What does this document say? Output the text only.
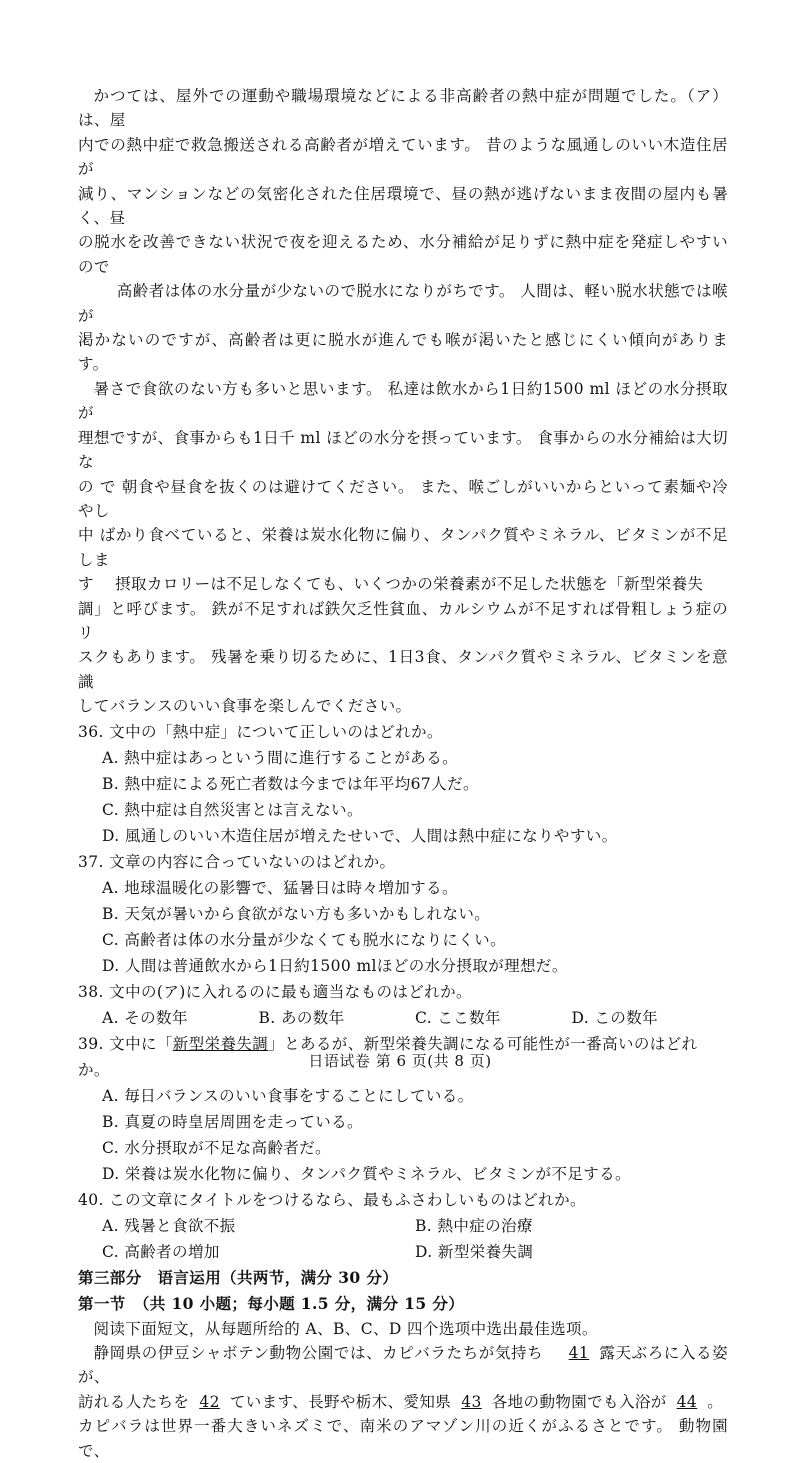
かつては、屋外での運動や職場環境などによる非高齢者の熱中症が問題でした。（ア）は、屋

内での熱中症で救急搬送される高齢者が増えています。 昔のような風通しのいい木造住居が

減り、マンションなどの気密化された住居環境で、昼の熱が逃げないまま夜間の屋内も暑く、昼

の脱水を改善できない状況で夜を迎えるため、水分補給が足りずに熱中症を発症しやすいので

高齢者は体の水分量が少ないので脱水になりがちです。 人間は、軽い脱水状態では喉が

渇かないのですが、高齢者は更に脱水が進んでも喉が渇いたと感じにくい傾向があります。

暑さで食欲のない方も多いと思います。 私達は飲水から1日約1500 ml ほどの水分摂取が

理想ですが、食事からも1日千 ml ほどの水分を摂っています。 食事からの水分補給は大切な

の で 朝食や昼食を抜くのは避けてください。 また、喉ごしがいいからといって素麺や冷やし

中 ばかり食べていると、栄養は炭水化物に偏り、タンパク質やミネラル、ビタミンが不足しま

す　 摂取カロリーは不足しなくても、いくつかの栄養素が不足した状態を「新型栄養失

調」と呼びます。 鉄が不足すれば鉄欠乏性貧血、カルシウムが不足すれば骨粗しょう症のリ

スクもあります。 残暑を乗り切るために、1日3食、タンパク質やミネラル、ビタミンを意識

してバランスのいい食事を楽しんでください。

36. 文中の「熱中症」について正しいのはどれか。

A. 熱中症はあっという間に進行することがある。

B. 熱中症による死亡者数は今までは年平均67人だ。

C. 熱中症は自然災害とは言えない。

D. 風通しのいい木造住居が増えたせいで、人間は熱中症になりやすい。

37. 文章の内容に合っていないのはどれか。

A. 地球温暖化の影響で、猛暑日は時々増加する。

B. 天気が暑いから食欲がない方も多いかもしれない。

C. 高齢者は体の水分量が少なくても脱水になりにくい。

D. 人間は普通飲水から1日約1500 mlほどの水分摂取が理想だ。

38. 文中の(ア)に入れるのに最も適当なものはどれか。

A. その数年	B. あの数年	C. ここ数年	D. この数年

39. 文中に「新型栄養失調」とあるが、新型栄養失調になる可能性が一番高いのはどれか。

A. 毎日バランスのいい食事をすることにしている。

B. 真夏の時皇居周囲を走っている。

C. 水分摂取が不足な高齢者だ。

D. 栄養は炭水化物に偏り、タンパク質やミネラル、ビタミンが不足する。

40. この文章にタイトルをつけるなら、最もふさわしいものはどれか。

A. 残暑と食欲不振	B. 熱中症の治療
C. 高齢者の増加	D. 新型栄養失調

第三部分　语言运用（共两节，满分 30 分）

第一节　（共 10 小题；每小题 1.5 分，满分 15 分）

阅读下面短文，从每题所给的 A、B、C、D 四个选项中选出最佳选项。

静岡県の伊豆シャボテン動物公園では、カピバラたちが気持ち 41 露天ぶろに入る姿が、

訪れる人たちを 42 ています、長野や栃木、愛知県 43 各地の動物園でも入浴が 44 。

カピバラは世界一番大きいネズミで、南米のアマゾン川の近くがふるさとです。 動物園で、

日语试卷 第 6 页(共 8 页)
